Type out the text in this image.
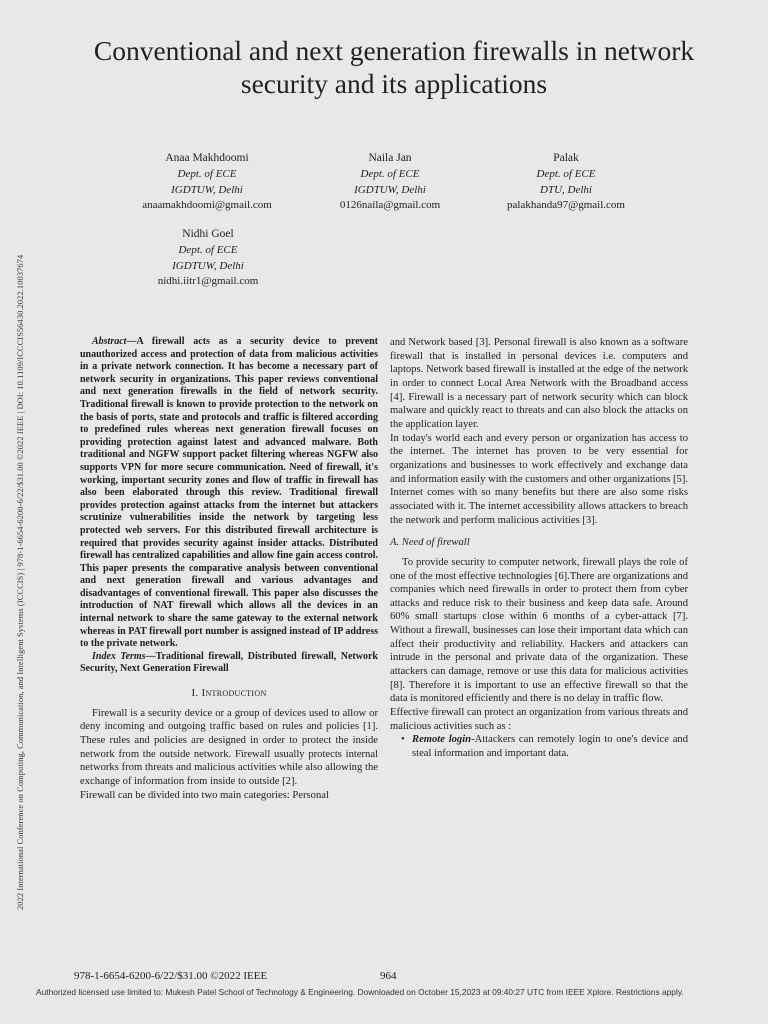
2022 International Conference on Computing, Communication, and Intelligent Systems (ICCCIS) | 978-1-6654-6200-6/22/$31.00 ©2022 IEEE | DOI: 10.1109/ICCCIS56430.2022.10037674
Conventional and next generation firewalls in network security and its applications
Anaa Makhdoomi
Dept. of ECE
IGDTUW, Delhi
anaamakhdoomi@gmail.com
Naila Jan
Dept. of ECE
IGDTUW, Delhi
0126naila@gmail.com
Palak
Dept. of ECE
DTU, Delhi
palakhanda97@gmail.com
Nidhi Goel
Dept. of ECE
IGDTUW, Delhi
nidhi.iitr1@gmail.com

Abstract—A firewall acts as a security device to prevent unauthorized access and protection of data from malicious activities in a private network connection. It has become a necessary part of network security in organizations. This paper reviews conventional and next generation firewalls in the field of network security. Traditional firewall is known to provide protection to the network on the basis of ports, state and protocols and traffic is filtered according to predefined rules whereas next generation firewall focuses on providing protection against latest and advanced malware. Both traditional and NGFW support packet filtering whereas NGFW also supports VPN for more secure communication. Need of firewall, it's working, important security zones and flow of traffic in firewall has also been elaborated through this review. Traditional firewall provides protection against attacks from the internet but attackers scrutinize vulnerabilities inside the network by targeting less protected web servers. For this distributed firewall architecture is required that provides security against insider attacks. Distributed firewall has centralized capabilities and allow fine gain access control. This paper presents the comparative analysis between conventional and next generation firewall and various advantages and disadvantages of conventional firewall. This paper also discusses the introduction of NAT firewall which allows all the devices in an internal network to share the same gateway to the external network whereas in PAT firewall port number is assigned instead of IP address to the private network.

Index Terms—Traditional firewall, Distributed firewall, Network Security, Next Generation Firewall

I. Introduction

Firewall is a security device or a group of devices used to allow or deny incoming and outgoing traffic based on rules and policies [1]. These rules and policies are designed in order to protect the inside network from the outside network. Firewall usually protects internal networks from threats and malicious activities while also allowing the exchange of information from inside to outside [2].

Firewall can be divided into two main categories: Personal

and Network based [3]. Personal firewall is also known as a software firewall that is installed in personal devices i.e. computers and laptops. Network based firewall is installed at the edge of the network in order to connect Local Area Network with the Broadband access [4]. Firewall is a necessary part of network security which can block malware and quickly react to threats and can also block the attacks on the application layer.

In today's world each and every person or organization has access to the internet. The internet has proven to be very essential for organizations and businesses to work effectively and exchange data and information easily with the customers and other organizations [5]. Internet comes with so many benefits but there are also some risks associated with it. The internet accessibility allows attackers to breach the network and perform malicious activities [3].

A. Need of firewall

To provide security to computer network, firewall plays the role of one of the most effective technologies [6].There are organizations and companies which need firewalls in order to protect them from cyber attacks and reduce risk to their business and keep data safe. Around 60% small startups close within 6 months of a cyber-attack [7]. Without a firewall, businesses can lose their important data which can affect their productivity and reliability. Hackers and attackers can intrude in the personal and private data of the organization. These attackers can damage, remove or use this data for malicious activities [8]. Therefore it is important to use an effective firewall so that the data is monitored efficiently and there is no delay in traffic flow.

Effective firewall can protect an organization from various threats and malicious activities such as :

• Remote login-Attackers can remotely login to one's device and steal information and important data.
978-1-6654-6200-6/22/$31.00 ©2022 IEEE	964
Authorized licensed use limited to: Mukesh Patel School of Technology & Engineering. Downloaded on October 15,2023 at 09:40:27 UTC from IEEE Xplore. Restrictions apply.
